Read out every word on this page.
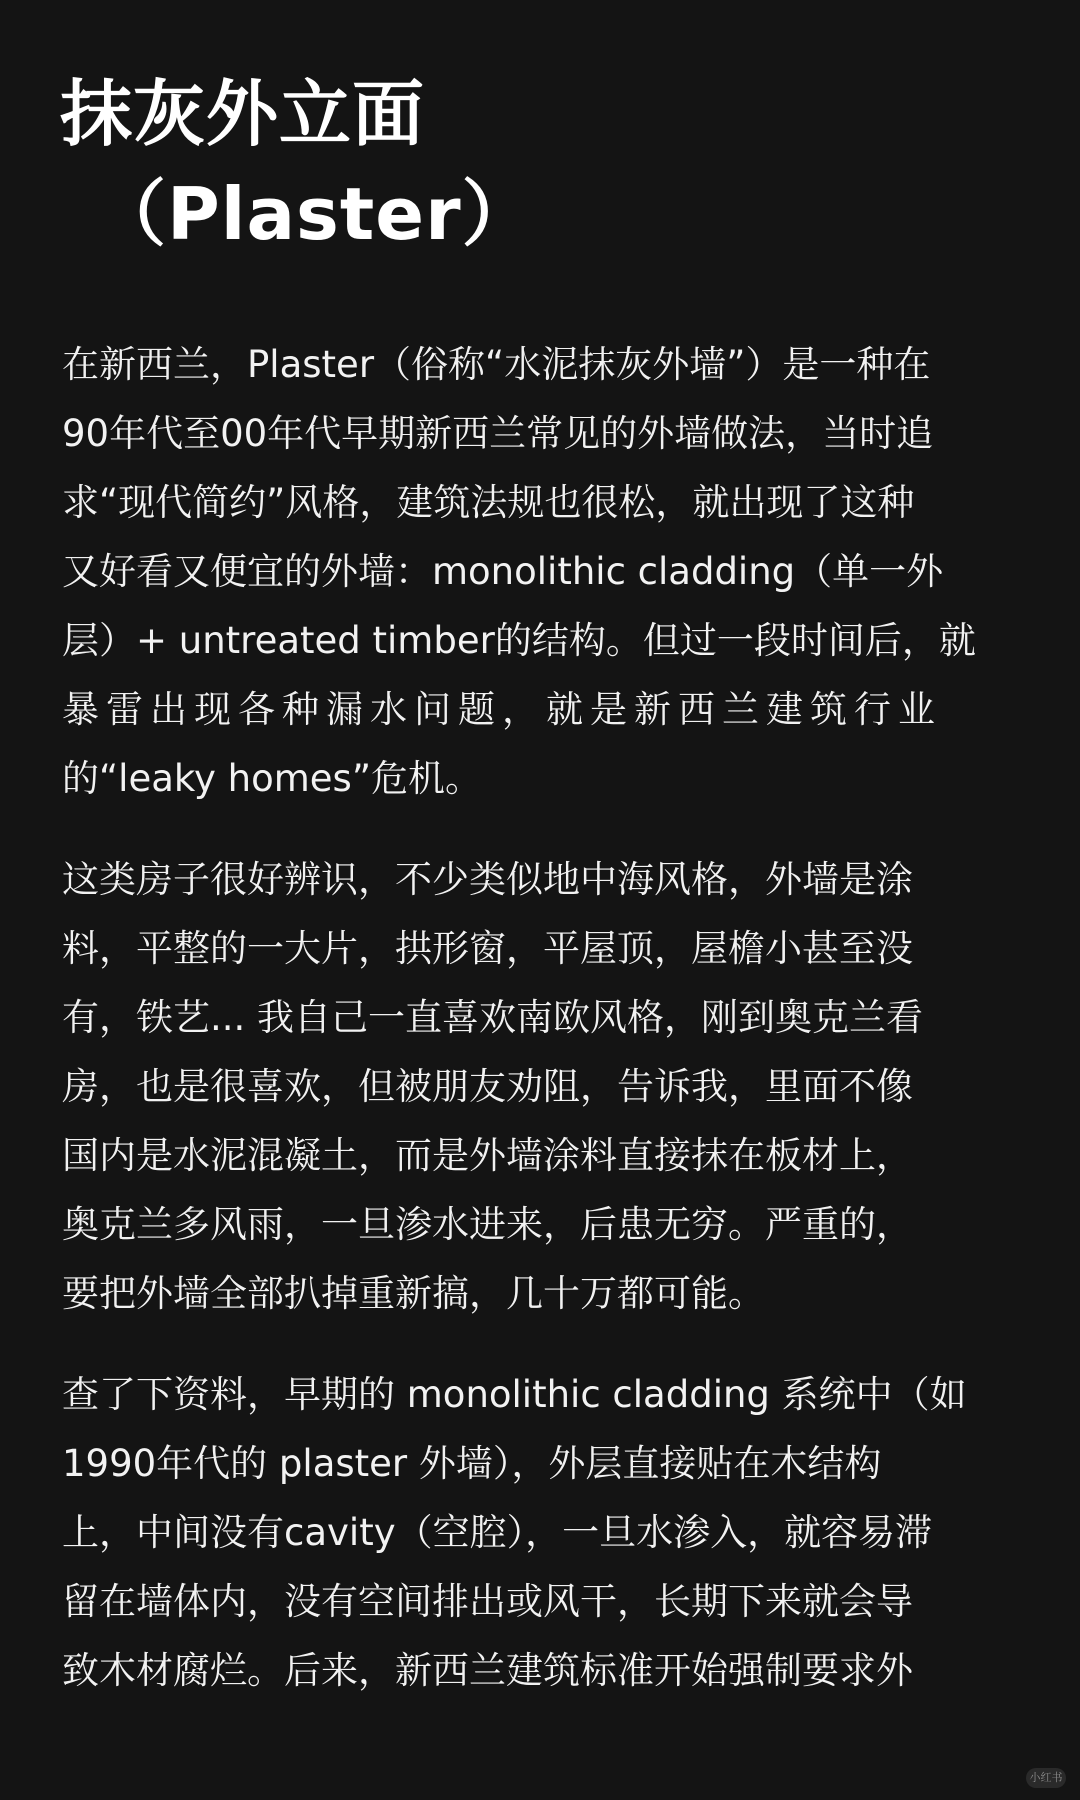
抹灰外立面
（Plaster）

在新西兰，Plaster（俗称“水泥抹灰外墙”）是一种在
90年代至00年代早期新西兰常见的外墙做法，当时追
求“现代简约”风格，建筑法规也很松，就出现了这种
又好看又便宜的外墙：monolithic cladding（单一外
层）+ untreated timber的结构。但过一段时间后，就
暴雷出现各种漏水问题，就是新西兰建筑行业
的“leaky homes”危机。

这类房子很好辨识，不少类似地中海风格，外墙是涂
料，平整的一大片，拱形窗，平屋顶，屋檐小甚至没
有，铁艺... 我自己一直喜欢南欧风格，刚到奥克兰看
房，也是很喜欢，但被朋友劝阻，告诉我，里面不像
国内是水泥混凝土，而是外墙涂料直接抹在板材上，
奥克兰多风雨，一旦渗水进来，后患无穷。严重的，
要把外墙全部扒掉重新搞，几十万都可能。

查了下资料，早期的 monolithic cladding 系统中（如
1990年代的 plaster 外墙），外层直接贴在木结构
上，中间没有cavity（空腔），一旦水渗入，就容易滞
留在墙体内，没有空间排出或风干，长期下来就会导
致木材腐烂。后来，新西兰建筑标准开始强制要求外

小红书
